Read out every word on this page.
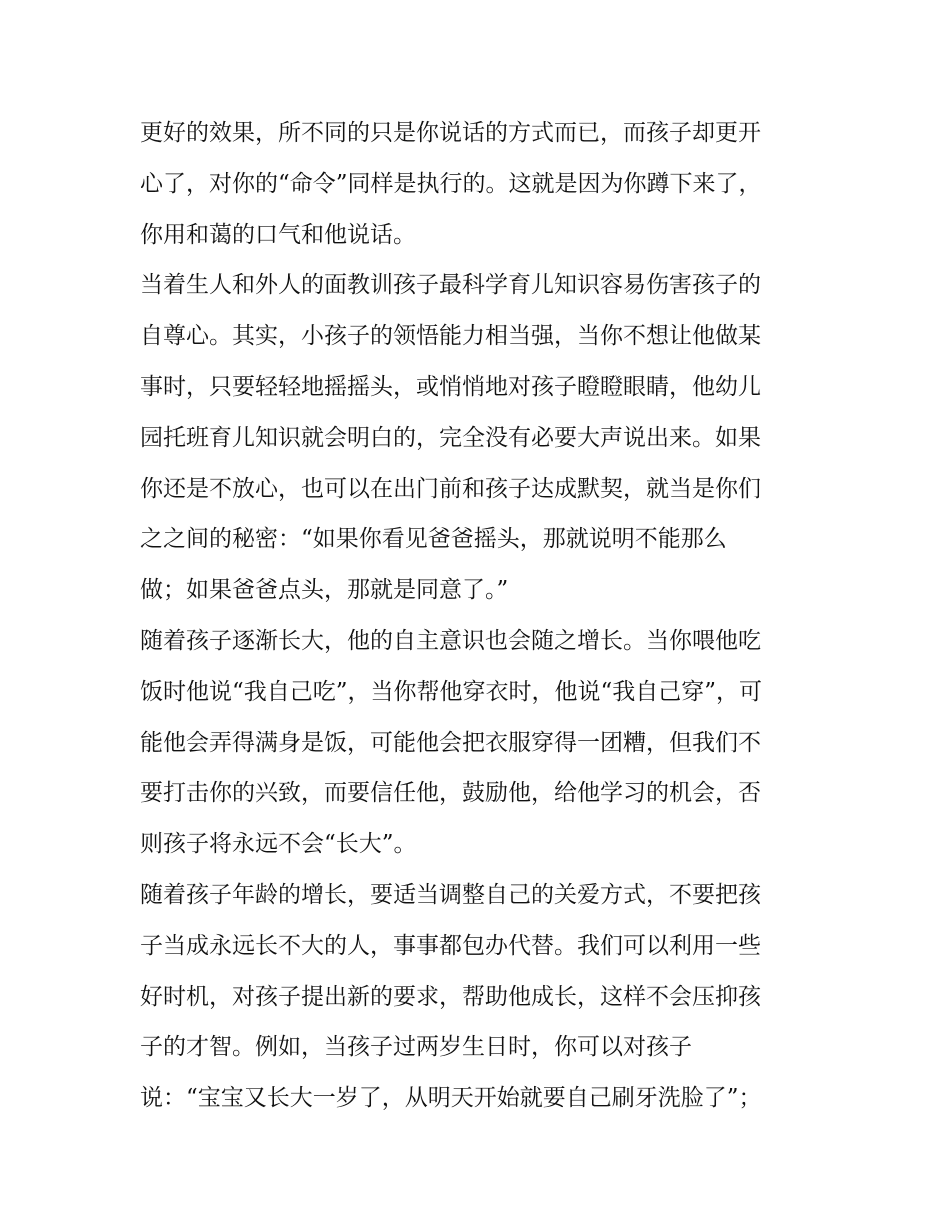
更好的效果，所不同的只是你说话的方式而已，而孩子却更开
心了，对你的“命令”同样是执行的。这就是因为你蹲下来了，
你用和蔼的口气和他说话。
当着生人和外人的面教训孩子最科学育儿知识容易伤害孩子的
自尊心。其实，小孩子的领悟能力相当强，当你不想让他做某
事时，只要轻轻地摇摇头，或悄悄地对孩子瞪瞪眼睛，他幼儿
园托班育儿知识就会明白的，完全没有必要大声说出来。如果
你还是不放心，也可以在出门前和孩子达成默契，就当是你们
之之间的秘密：“如果你看见爸爸摇头，那就说明不能那么
做；如果爸爸点头，那就是同意了。”
随着孩子逐渐长大，他的自主意识也会随之增长。当你喂他吃
饭时他说“我自己吃”，当你帮他穿衣时，他说“我自己穿”，可
能他会弄得满身是饭，可能他会把衣服穿得一团糟，但我们不
要打击你的兴致，而要信任他，鼓励他，给他学习的机会，否
则孩子将永远不会“长大”。
随着孩子年龄的增长，要适当调整自己的关爱方式，不要把孩
子当成永远长不大的人，事事都包办代替。我们可以利用一些
好时机，对孩子提出新的要求，帮助他成长，这样不会压抑孩
子的才智。例如，当孩子过两岁生日时，你可以对孩子
说：“宝宝又长大一岁了，从明天开始就要自己刷牙洗脸了”；
